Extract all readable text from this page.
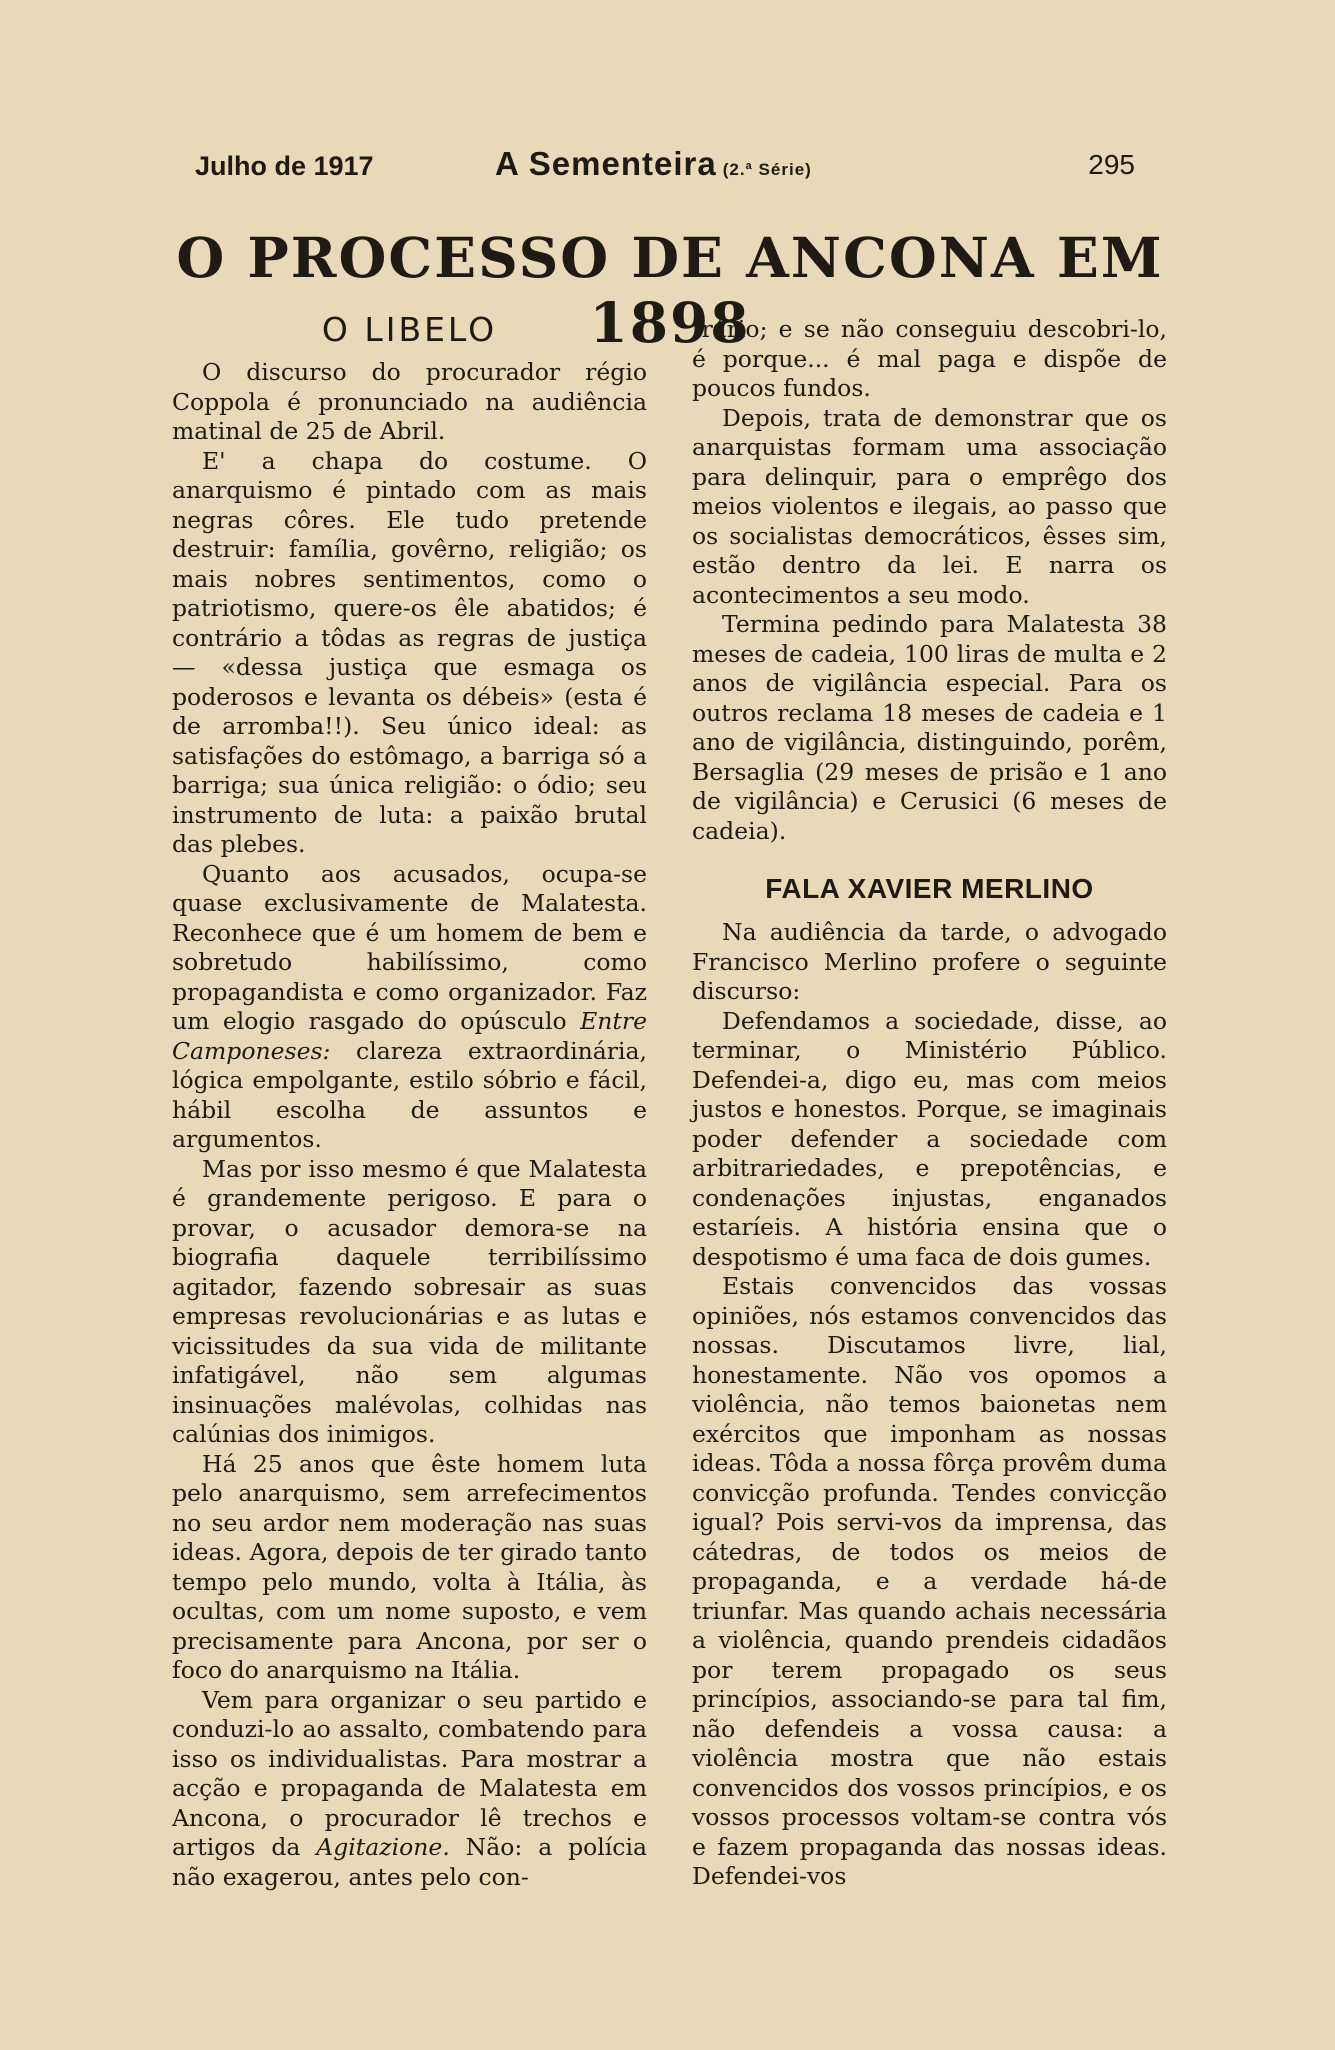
Julho de 1917	A Sementeira (2.ª Série)	295
O PROCESSO DE ANCONA EM 1898
O LIBELO

O discurso do procurador régio Coppola é pronunciado na audiência matinal de 25 de Abril.

E' a chapa do costume. O anarquismo é pintado com as mais negras côres. Ele tudo pretende destruir: família, govêrno, religião; os mais nobres sentimentos, como o patriotismo, quere-os êle abatidos; é contrário a tôdas as regras de justiça — «dessa justiça que esmaga os poderosos e levanta os débeis» (esta é de arromba!!). Seu único ideal: as satisfações do estômago, a barriga só a barriga; sua única religião: o ódio; seu instrumento de luta: a paixão brutal das plebes.

Quanto aos acusados, ocupa-se quase exclusivamente de Malatesta. Reconhece que é um homem de bem e sobretudo habilíssimo, como propagandista e como organizador. Faz um elogio rasgado do opúsculo Entre Camponeses: clareza extraordinária, lógica empolgante, estilo sóbrio e fácil, hábil escolha de assuntos e argumentos.

Mas por isso mesmo é que Malatesta é grandemente perigoso. E para o provar, o acusador demora-se na biografia daquele terribilíssimo agitador, fazendo sobresair as suas empresas revolucionárias e as lutas e vicissitudes da sua vida de militante infatigável, não sem algumas insinuações malévolas, colhidas nas calúnias dos inimigos.

Há 25 anos que êste homem luta pelo anarquismo, sem arrefecimentos no seu ardor nem moderação nas suas ideas. Agora, depois de ter girado tanto tempo pelo mundo, volta à Itália, às ocultas, com um nome suposto, e vem precisamente para Ancona, por ser o foco do anarquismo na Itália.

Vem para organizar o seu partido e conduzi-lo ao assalto, combatendo para isso os individualistas. Para mostrar a acção e propaganda de Malatesta em Ancona, o procurador lê trechos e artigos da Agitazione. Não: a polícia não exagerou, antes pelo con-

trário; e se não conseguiu descobri-lo, é porque... é mal paga e dispõe de poucos fundos.

Depois, trata de demonstrar que os anarquistas formam uma associação para delinquir, para o emprêgo dos meios violentos e ilegais, ao passo que os socialistas democráticos, êsses sim, estão dentro da lei. E narra os acontecimentos a seu modo.

Termina pedindo para Malatesta 38 meses de cadeia, 100 liras de multa e 2 anos de vigilância especial. Para os outros reclama 18 meses de cadeia e 1 ano de vigilância, distinguindo, porêm, Bersaglia (29 meses de prisão e 1 ano de vigilância) e Cerusici (6 meses de cadeia).

FALA XAVIER MERLINO

Na audiência da tarde, o advogado Francisco Merlino profere o seguinte discurso:

Defendamos a sociedade, disse, ao terminar, o Ministério Público. Defendei-a, digo eu, mas com meios justos e honestos. Porque, se imaginais poder defender a sociedade com arbitrariedades, e prepotências, e condenações injustas, enganados estaríeis. A história ensina que o despotismo é uma faca de dois gumes.

Estais convencidos das vossas opiniões, nós estamos convencidos das nossas. Discutamos livre, lial, honestamente. Não vos opomos a violência, não temos baionetas nem exércitos que imponham as nossas ideas. Tôda a nossa fôrça provêm duma convicção profunda. Tendes convicção igual? Pois servi-vos da imprensa, das cátedras, de todos os meios de propaganda, e a verdade há-de triunfar. Mas quando achais necessária a violência, quando prendeis cidadãos por terem propagado os seus princípios, associando-se para tal fim, não defendeis a vossa causa: a violência mostra que não estais convencidos dos vossos princípios, e os vossos processos voltam-se contra vós e fazem propaganda das nossas ideas. Defendei-vos
